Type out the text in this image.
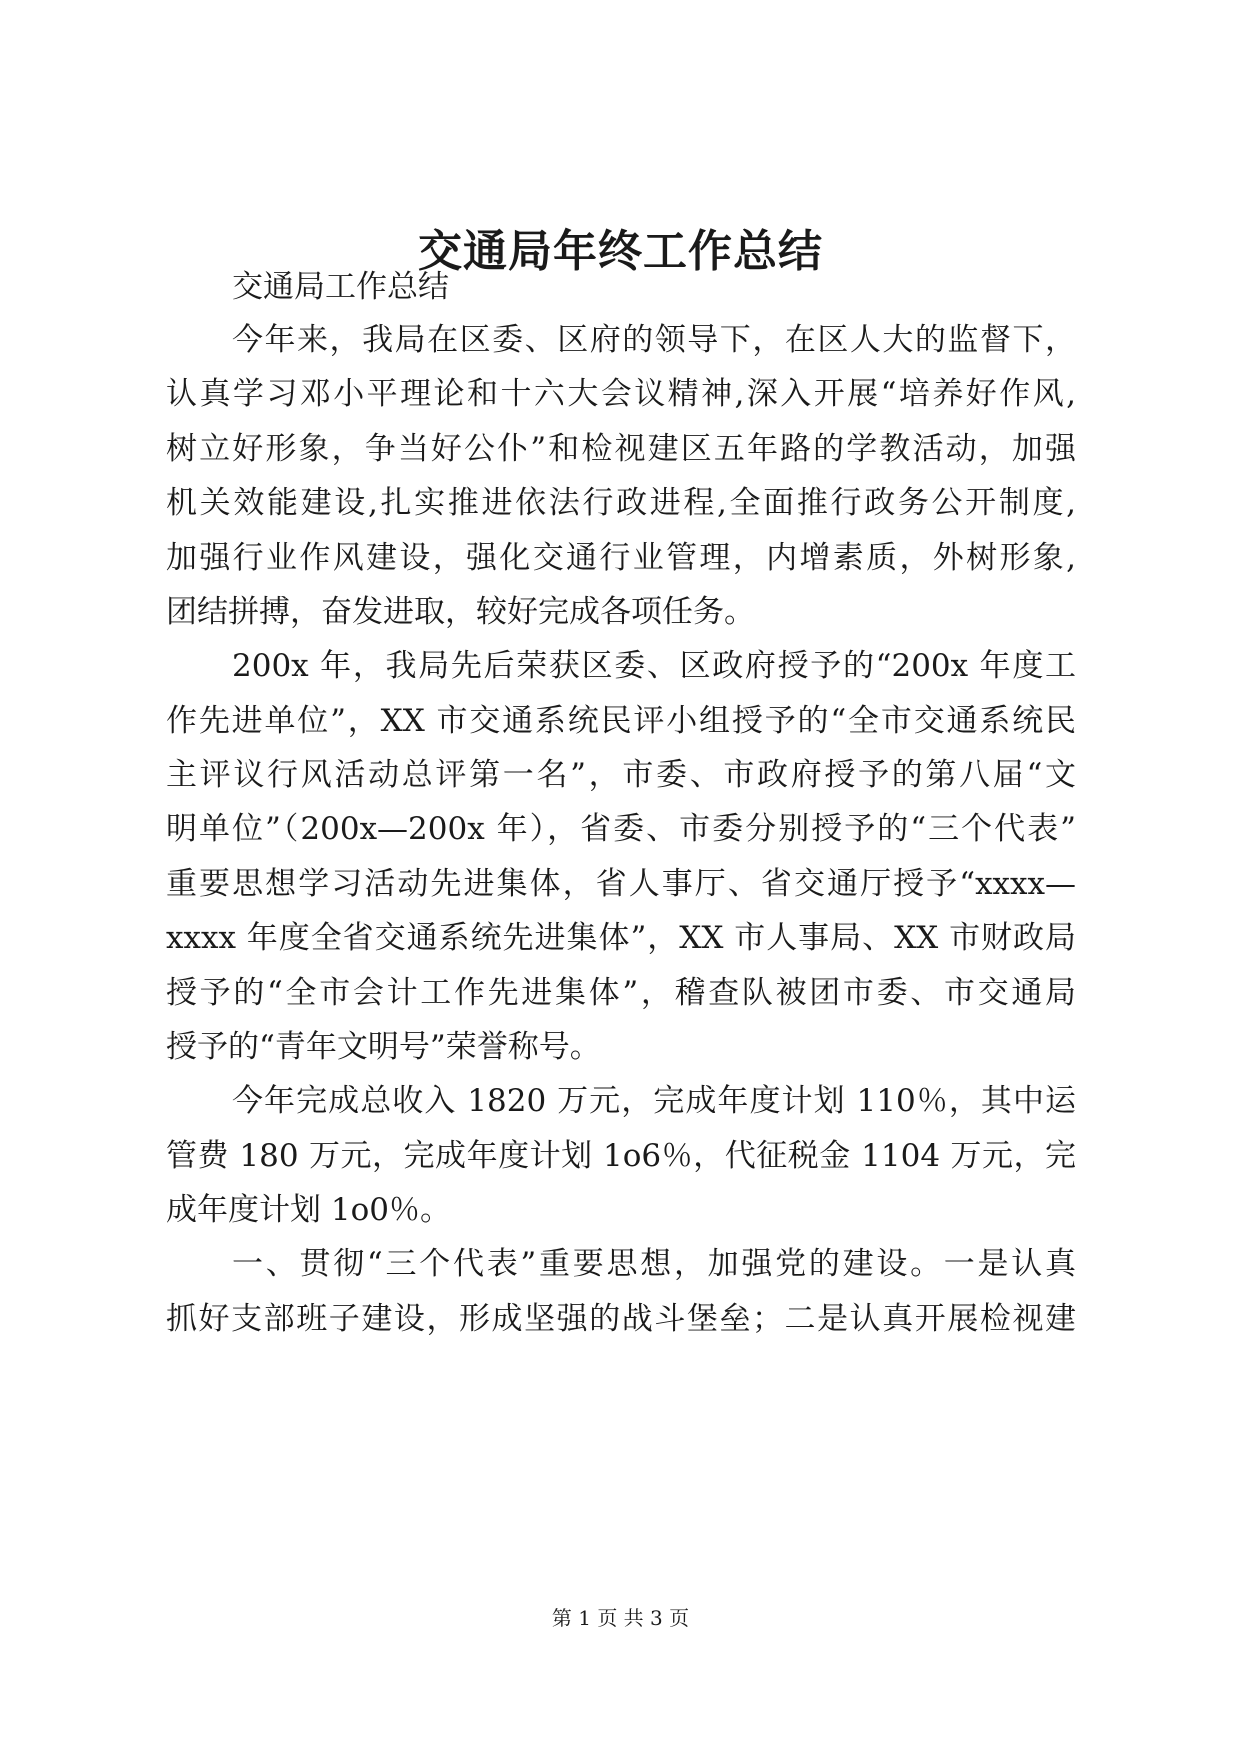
交通局年终工作总结
交通局工作总结
今年来，我局在区委、区府的领导下，在区人大的监督下，
认真学习邓小平理论和十六大会议精神,深入开展“培养好作风,
树立好形象，争当好公仆”和检视建区五年路的学教活动，加强
机关效能建设,扎实推进依法行政进程,全面推行政务公开制度,
加强行业作风建设，强化交通行业管理，内增素质，外树形象,
团结拼搏，奋发进取，较好完成各项任务。
200x 年，我局先后荣获区委、区政府授予的“200x 年度工
作先进单位”，XX 市交通系统民评小组授予的“全市交通系统民
主评议行风活动总评第一名”，市委、市政府授予的第八届“文
明单位”（200x—200x 年），省委、市委分别授予的“三个代表”
重要思想学习活动先进集体，省人事厅、省交通厅授予“xxxx—
xxxx 年度全省交通系统先进集体”，XX 市人事局、XX 市财政局
授予的“全市会计工作先进集体”，稽查队被团市委、市交通局
授予的“青年文明号”荣誉称号。
今年完成总收入 1820 万元，完成年度计划 110％，其中运
管费 180 万元，完成年度计划 1o6％，代征税金 1104 万元，完
成年度计划 1o0％。
一、贯彻“三个代表”重要思想，加强党的建设。一是认真
抓好支部班子建设，形成坚强的战斗堡垒；二是认真开展检视建
第 1 页 共 3 页
